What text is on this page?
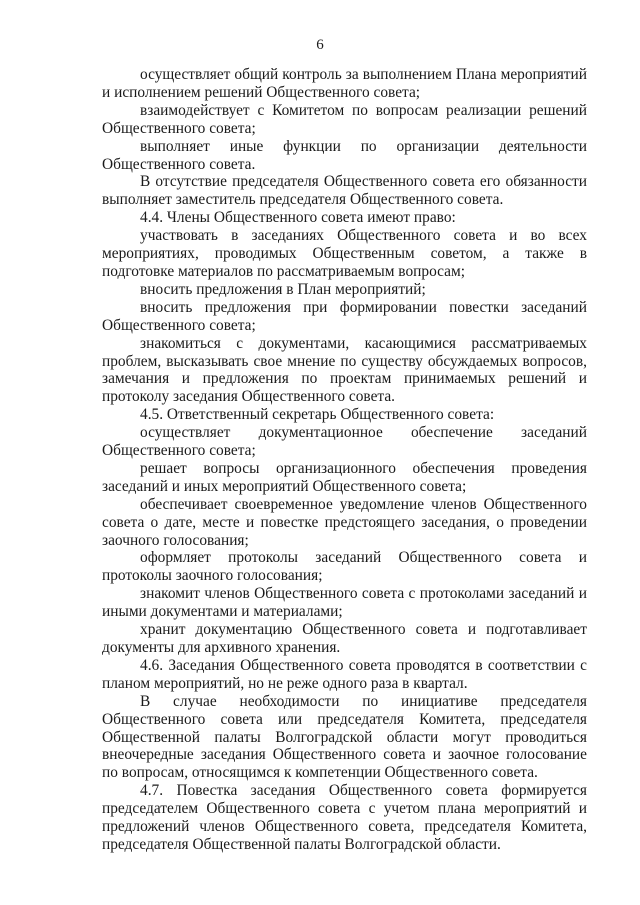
6

осуществляет общий контроль за выполнением Плана мероприятий и исполнением решений Общественного совета;

взаимодействует с Комитетом по вопросам реализации решений Общественного совета;

выполняет иные функции по организации деятельности Общественного совета.

В отсутствие председателя Общественного совета его обязанности выполняет заместитель председателя Общественного совета.

4.4. Члены Общественного совета имеют право:

участвовать в заседаниях Общественного совета и во всех мероприятиях, проводимых Общественным советом, а также в подготовке материалов по рассматриваемым вопросам;

вносить предложения в План мероприятий;

вносить предложения при формировании повестки заседаний Общественного совета;

знакомиться с документами, касающимися рассматриваемых проблем, высказывать свое мнение по существу обсуждаемых вопросов, замечания и предложения по проектам принимаемых решений и протоколу заседания Общественного совета.

4.5. Ответственный секретарь Общественного совета:

осуществляет документационное обеспечение заседаний Общественного совета;

решает вопросы организационного обеспечения проведения заседаний и иных мероприятий Общественного совета;

обеспечивает своевременное уведомление членов Общественного совета о дате, месте и повестке предстоящего заседания, о проведении заочного голосования;

оформляет протоколы заседаний Общественного совета и протоколы заочного голосования;

знакомит членов Общественного совета с протоколами заседаний и иными документами и материалами;

хранит документацию Общественного совета и подготавливает документы для архивного хранения.

4.6. Заседания Общественного совета проводятся в соответствии с планом мероприятий, но не реже одного раза в квартал.

В случае необходимости по инициативе председателя Общественного совета или председателя Комитета, председателя Общественной палаты Волгоградской области могут проводиться внеочередные заседания Общественного совета и заочное голосование по вопросам, относящимся к компетенции Общественного совета.

4.7. Повестка заседания Общественного совета формируется председателем Общественного совета с учетом плана мероприятий и предложений членов Общественного совета, председателя Комитета, председателя Общественной палаты Волгоградской области.
